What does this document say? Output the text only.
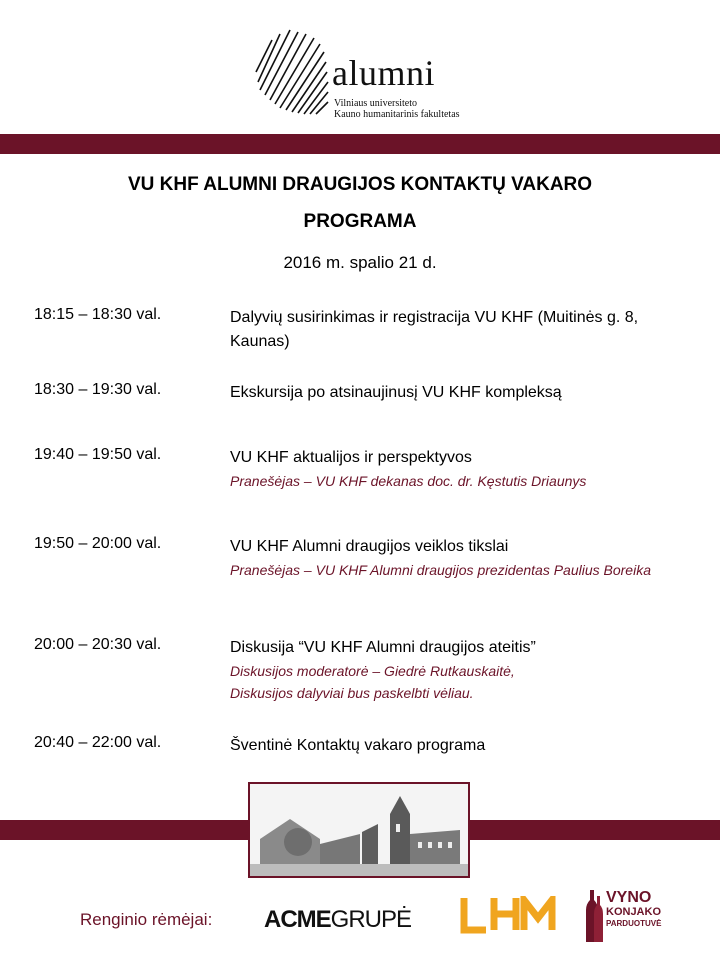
alumni
Vilniaus universiteto
Kauno humanitarinis fakultetas
VU KHF ALUMNI DRAUGIJOS KONTAKTŲ VAKARO
PROGRAMA
2016 m. spalio 21 d.
18:15 – 18:30 val.	Dalyvių susirinkimas ir registracija VU KHF (Muitinės g. 8, Kaunas)
18:30 – 19:30 val.	Ekskursija po atsinaujinusį VU KHF kompleksą
19:40 – 19:50 val.	VU KHF aktualijos ir perspektyvos
Pranešėjas – VU KHF dekanas doc. dr. Kęstutis Driaunys
19:50 – 20:00 val.	VU KHF Alumni draugijos veiklos tikslai
Pranešėjas – VU KHF Alumni draugijos prezidentas Paulius Boreika
20:00 – 20:30 val.	Diskusija “VU KHF Alumni draugijos ateitis”
Diskusijos moderatorė – Giedrė Rutkauskaitė,
Diskusijos dalyviai bus paskelbti vėliau.
20:40 – 22:00 val.	Šventinė Kontaktų vakaro programa
Renginio rėmėjai: ACMEGRUPĖ
VYNO
KONJAKO
PARDUOTUVĖ
